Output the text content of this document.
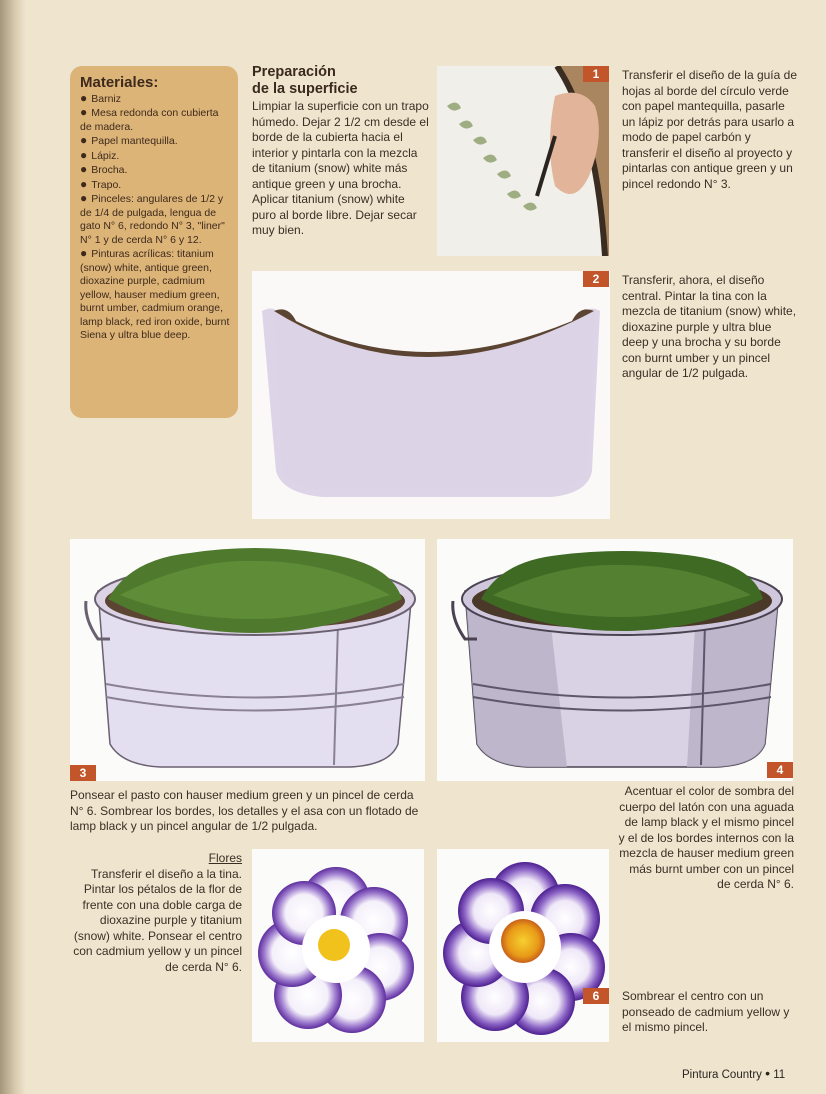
Materiales:
● Barniz
● Mesa redonda con cubierta de madera.
● Papel mantequilla.
● Lápiz.
● Brocha.
● Trapo.
● Pinceles: angulares de 1/2 y de 1/4 de pulgada, lengua de gato N° 6, redondo N° 3, "liner" N° 1 y de cerda N° 6 y 12.
● Pinturas acrílicas: titanium (snow) white, antique green, dioxazine purple, cadmium yellow, hauser medium green, burnt umber, cadmium orange, lamp black, red iron oxide, burnt Siena y ultra blue deep.
Preparación
de la superficie
Limpiar la superficie con un trapo húmedo. Dejar 2 1/2 cm desde el borde de la cubierta hacia el interior y pintarla con la mezcla de titanium (snow) white más antique green y una brocha. Aplicar titanium (snow) white puro al borde libre. Dejar secar muy bien.
1	Transferir el diseño de la guía de hojas al borde del círculo verde con papel mantequilla, pasarle un lápiz por detrás para usarlo a modo de papel carbón y transferir el diseño al proyecto y pintarlas con antique green y un pincel redondo N° 3.
2	Transferir, ahora, el diseño central. Pintar la tina con la mezcla de titanium (snow) white, dioxazine purple y ultra blue deep y una brocha y su borde con burnt umber y un pincel angular de 1/2 pulgada.
3
Ponsear el pasto con hauser medium green y un pincel de cerda N° 6. Sombrear los bordes, los detalles y el asa con un flotado de lamp black y un pincel angular de 1/2 pulgada.
4
Acentuar el color de sombra del cuerpo del latón con una aguada de lamp black y el mismo pincel y el de los bordes internos con la mezcla de hauser medium green más burnt umber con un pincel de cerda N° 6.
Flores
Transferir el diseño a la tina. Pintar los pétalos de la flor de frente con una doble carga de dioxazine purple y titanium (snow) white. Ponsear el centro con cadmium yellow y un pincel de cerda N° 6.
6	Sombrear el centro con un ponseado de cadmium yellow y el mismo pincel.
Pintura Country • 11
